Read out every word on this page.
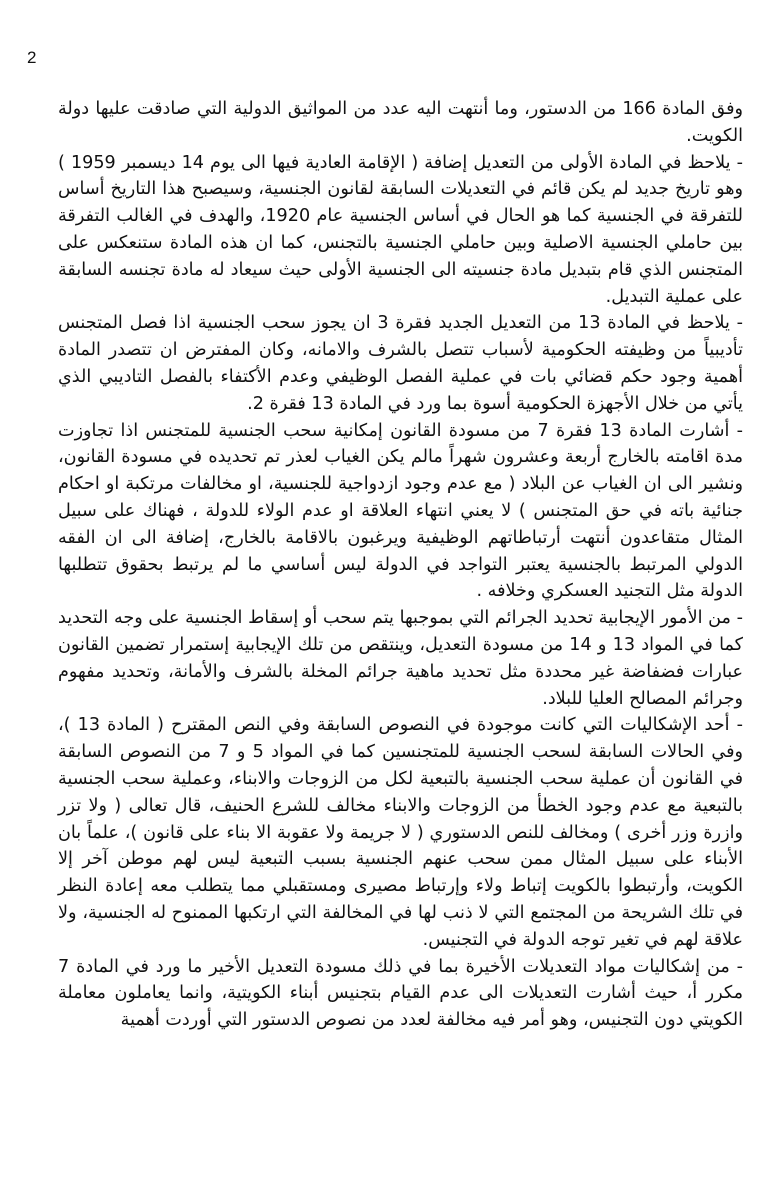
2

وفق المادة 166 من الدستور، وما أنتهت اليه عدد من المواثيق الدولية التي صادقت عليها دولة الكويت.

- يلاحظ في المادة الأولى من التعديل إضافة ( الإقامة العادية فيها الى يوم 14 ديسمبر 1959 ) وهو تاريخ جديد لم يكن قائم في التعديلات السابقة لقانون الجنسية، وسيصبح هذا التاريخ أساس للتفرقة في الجنسية كما هو الحال في أساس الجنسية عام 1920، والهدف في الغالب التفرقة بين حاملي الجنسية الاصلية وبين حاملي الجنسية بالتجنس، كما ان هذه المادة ستنعكس على المتجنس الذي قام بتبديل مادة جنسيته الى الجنسية الأولى حيث سيعاد له مادة تجنسه السابقة على عملية التبديل.

- يلاحظ في المادة 13 من التعديل الجديد فقرة 3 ان يجوز سحب الجنسية اذا فصل المتجنس تأديبياً من وظيفته الحكومية لأسباب تتصل بالشرف والامانه، وكان المفترض ان تتصدر المادة أهمية وجود حكم قضائي بات في عملية الفصل الوظيفي وعدم الأكتفاء بالفصل التاديبي الذي يأتي من خلال الأجهزة الحكومية أسوة بما ورد في المادة 13 فقرة 2.

- أشارت المادة 13 فقرة 7 من مسودة القانون إمكانية سحب الجنسية للمتجنس اذا تجاوزت مدة اقامته بالخارج أربعة وعشرون شهراً مالم يكن الغياب لعذر تم تحديده في مسودة القانون، ونشير الى ان الغياب عن البلاد ( مع عدم وجود ازدواجية للجنسية، او مخالفات مرتكبة او احكام جنائية باته في حق المتجنس ) لا يعني انتهاء العلاقة او عدم الولاء للدولة ، فهناك على سبيل المثال متقاعدون أنتهت أرتباطاتهم الوظيفية ويرغبون بالاقامة بالخارج، إضافة الى ان الفقه الدولي المرتبط بالجنسية يعتبر التواجد في الدولة ليس أساسي ما لم يرتبط بحقوق تتطلبها الدولة مثل التجنيد العسكري وخلافه .

- من الأمور الإيجابية تحديد الجرائم التي بموجبها يتم سحب أو إسقاط الجنسية على وجه التحديد كما في المواد 13 و 14 من مسودة التعديل، وينتقص من تلك الإيجابية إستمرار تضمين القانون عبارات فضفاضة غير محددة مثل تحديد ماهية جرائم المخلة بالشرف والأمانة، وتحديد مفهوم وجرائم المصالح العليا للبلاد.

- أحد الإشكاليات التي كانت موجودة في النصوص السابقة وفي النص المقترح ( المادة 13 )، وفي الحالات السابقة لسحب الجنسية للمتجنسين كما في المواد 5 و 7 من النصوص السابقة في القانون أن عملية سحب الجنسية بالتبعية لكل من الزوجات والابناء، وعملية سحب الجنسية بالتبعية مع عدم وجود الخطأ من الزوجات والابناء مخالف للشرع الحنيف، قال تعالى ( ولا تزر وازرة وزر أخرى ) ومخالف للنص الدستوري ( لا جريمة ولا عقوبة الا بناء على قانون )، علماً بان الأبناء على سبيل المثال ممن سحب عنهم الجنسية بسبب التبعية ليس لهم موطن آخر إلا الكويت، وأرتبطوا بالكويت إتباط ولاء وإرتباط مصيرى ومستقبلي مما يتطلب معه إعادة النظر في تلك الشريحة من المجتمع التي لا ذنب لها في المخالفة التي ارتكبها الممنوح له الجنسية، ولا علاقة لهم في تغير توجه الدولة في التجنيس.

- من إشكاليات مواد التعديلات الأخيرة بما في ذلك مسودة التعديل الأخير ما ورد في المادة 7 مكرر أ، حيث أشارت التعديلات الى عدم القيام بتجنيس أبناء الكويتية، وانما يعاملون معاملة الكويتي دون التجنيس، وهو أمر فيه مخالفة لعدد من نصوص الدستور التي أوردت أهمية
